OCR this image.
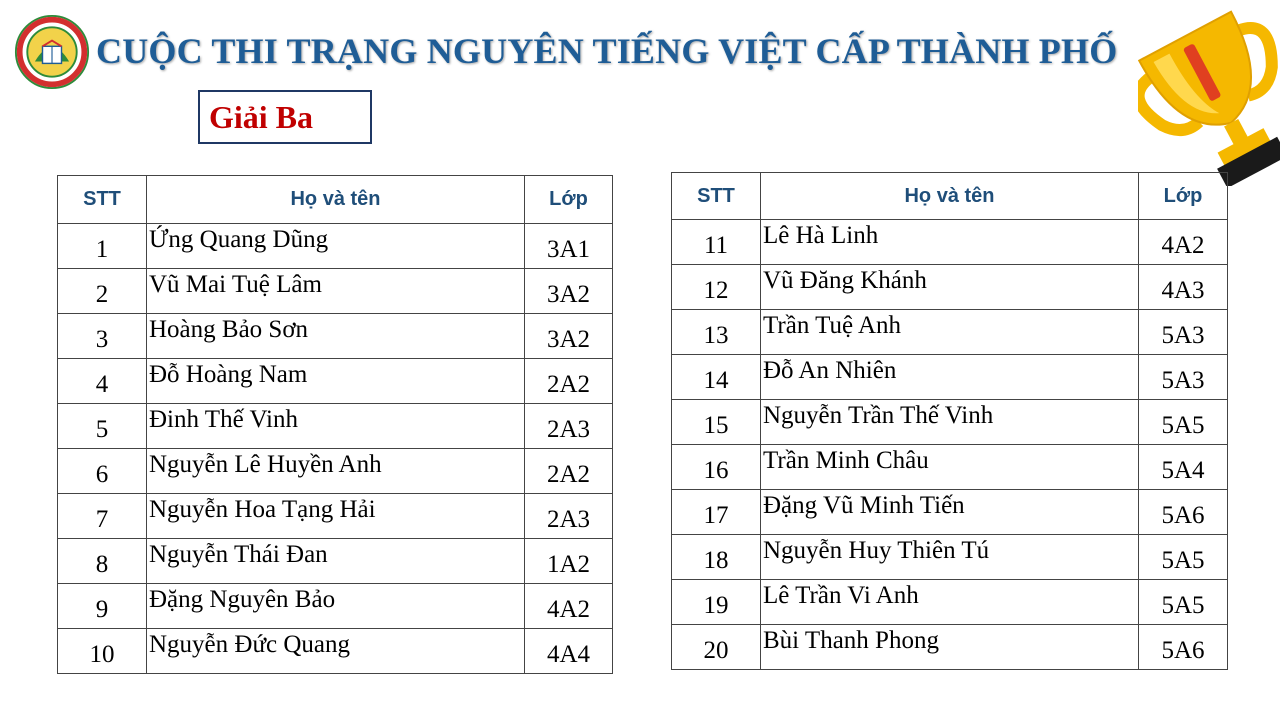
CUỘC THI TRẠNG NGUYÊN TIẾNG VIỆT CẤP THÀNH PHỐ
Giải Ba
STT	Họ và tên	Lớp
1	Ứng Quang Dũng	3A1
2	Vũ Mai Tuệ Lâm	3A2
3	Hoàng Bảo Sơn	3A2
4	Đỗ Hoàng Nam	2A2
5	Đinh Thế Vinh	2A3
6	Nguyễn Lê Huyền Anh	2A2
7	Nguyễn Hoa Tạng Hải	2A3
8	Nguyễn Thái Đan	1A2
9	Đặng Nguyên Bảo	4A2
10	Nguyễn Đức Quang	4A4
STT	Họ và tên	Lớp
11	Lê Hà Linh	4A2
12	Vũ Đăng Khánh	4A3
13	Trần Tuệ Anh	5A3
14	Đỗ An Nhiên	5A3
15	Nguyễn Trần Thế Vinh	5A5
16	Trần Minh Châu	5A4
17	Đặng Vũ Minh Tiến	5A6
18	Nguyễn Huy Thiên Tú	5A5
19	Lê Trần Vi Anh	5A5
20	Bùi Thanh Phong	5A6
